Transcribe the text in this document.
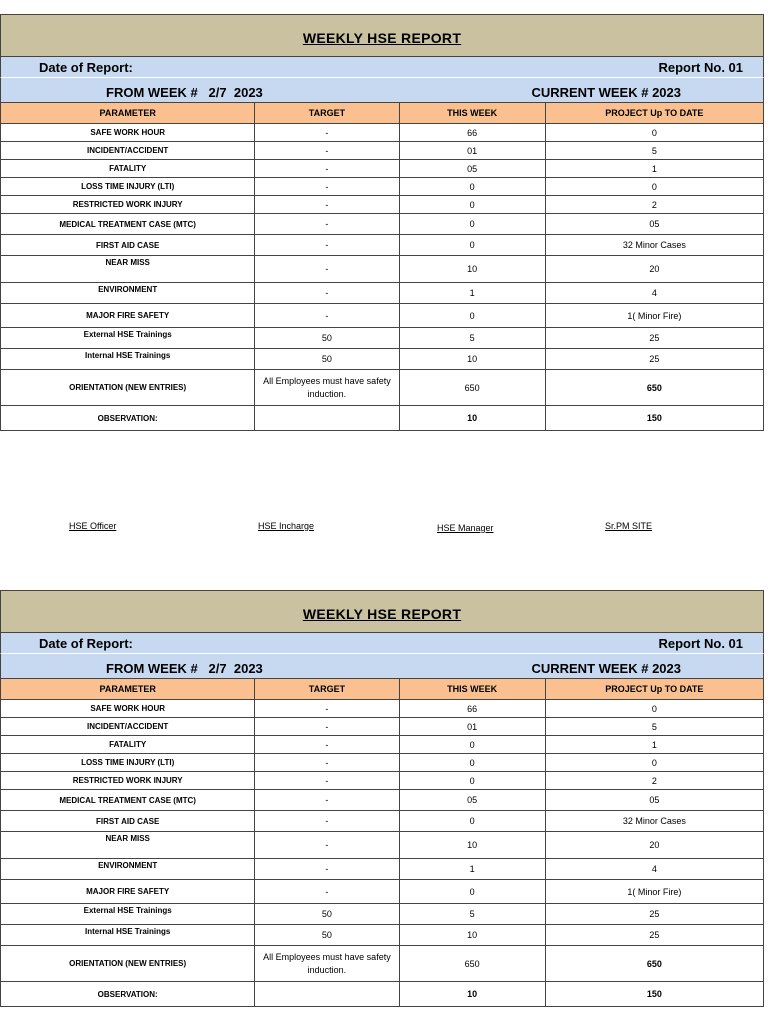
WEEKLY HSE REPORT
Date of Report:	Report No. 01
FROM WEEK #   2/7  2023	CURRENT WEEK # 2023
PARAMETER	TARGET	THIS WEEK	PROJECT Up TO DATE
SAFE WORK HOUR	-	66	0
INCIDENT/ACCIDENT	-	01	5
FATALITY	-	05	1
LOSS TIME INJURY (LTI)	-	0	0
RESTRICTED WORK INJURY	-	0	2
MEDICAL TREATMENT CASE (MTC)	-	0	05
FIRST AID CASE	-	0	32 Minor Cases
NEAR MISS	-	10	20
ENVIRONMENT	-	1	4
MAJOR FIRE SAFETY	-	0	1( Minor Fire)
External HSE Trainings	50	5	25
Internal HSE Trainings	50	10	25
ORIENTATION (NEW ENTRIES)	All Employees must have safety induction.	650	650
OBSERVATION:		10	150
HSE Officer	HSE Incharge	HSE Manager	Sr.PM SITE
WEEKLY HSE REPORT
Date of Report:	Report No. 01
FROM WEEK #   2/7  2023	CURRENT WEEK # 2023
PARAMETER	TARGET	THIS WEEK	PROJECT Up TO DATE
SAFE WORK HOUR	-	66	0
INCIDENT/ACCIDENT	-	01	5
FATALITY	-	0	1
LOSS TIME INJURY (LTI)	-	0	0
RESTRICTED WORK INJURY	-	0	2
MEDICAL TREATMENT CASE (MTC)	-	05	05
FIRST AID CASE	-	0	32 Minor Cases
NEAR MISS	-	10	20
ENVIRONMENT	-	1	4
MAJOR FIRE SAFETY	-	0	1( Minor Fire)
External HSE Trainings	50	5	25
Internal HSE Trainings	50	10	25
ORIENTATION (NEW ENTRIES)	All Employees must have safety induction.	650	650
OBSERVATION:		10	150
